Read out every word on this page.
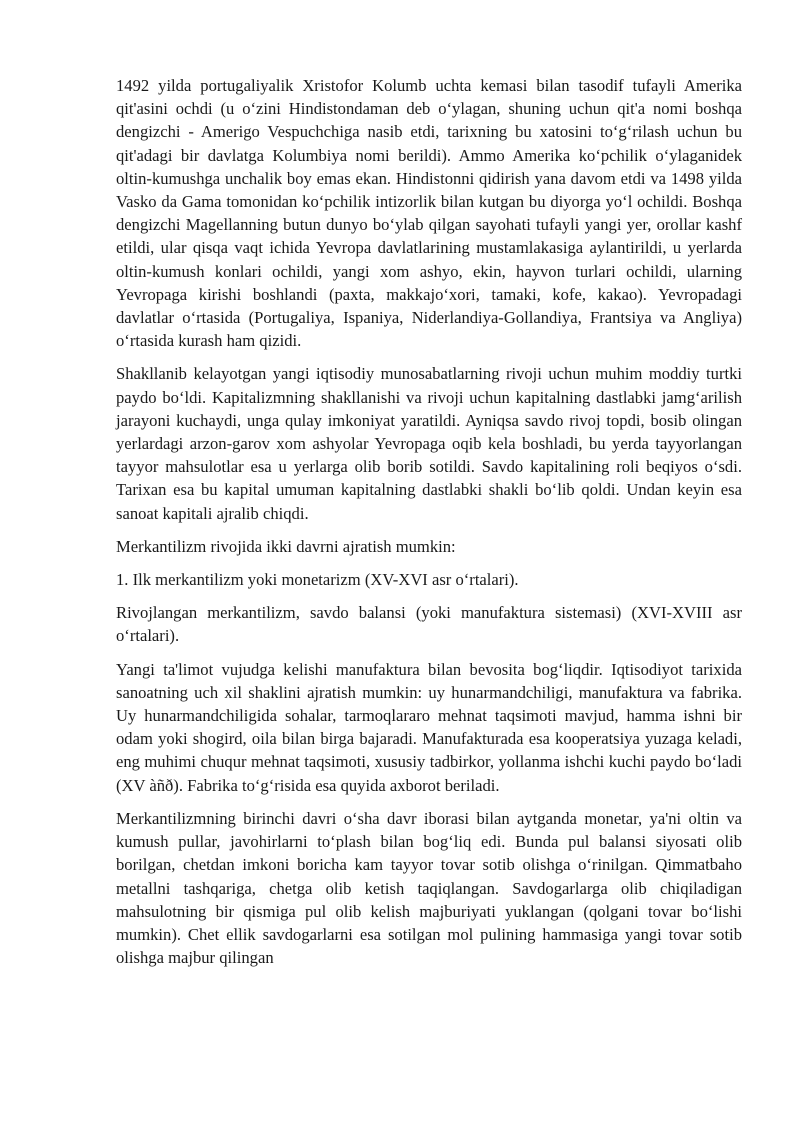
1492 yilda portugaliyalik Xristofor Kolumb uchta kemasi bilan tasodif tufayli Amerika qit'asini ochdi (u o‘zini Hindistondaman deb o‘ylagan, shuning uchun qit'a nomi boshqa dengizchi - Amerigo Vespuchchiga nasib etdi, tarixning bu xatosini to‘g‘rilash uchun bu qit'adagi bir davlatga Kolumbiya nomi berildi). Ammo Amerika ko‘pchilik o‘ylaganidek oltin-kumushga unchalik boy emas ekan. Hindistonni qidirish yana davom etdi va 1498 yilda Vasko da Gama tomonidan ko‘pchilik intizorlik bilan kutgan bu diyorga yo‘l ochildi. Boshqa dengizchi Magellanning butun dunyo bo‘ylab qilgan sayohati tufayli yangi yer, orollar kashf etildi, ular qisqa vaqt ichida Yevropa davlatlarining mustamlakasiga aylantirildi, u yerlarda oltin-kumush konlari ochildi, yangi xom ashyo, ekin, hayvon turlari ochildi, ularning Yevropaga kirishi boshlandi (paxta, makkajo‘xori, tamaki, kofe, kakao). Yevropadagi davlatlar o‘rtasida (Portugaliya, Ispaniya, Niderlandiya-Gollandiya, Frantsiya va Angliya) o‘rtasida kurash ham qizidi.

Shakllanib kelayotgan yangi iqtisodiy munosabatlarning rivoji uchun muhim moddiy turtki paydo bo‘ldi. Kapitalizmning shakllanishi va rivoji uchun kapitalning dastlabki jamg‘arilish jarayoni kuchaydi, unga qulay imkoniyat yaratildi. Ayniqsa savdo rivoj topdi, bosib olingan yerlardagi arzon-garov xom ashyolar Yevropaga oqib kela boshladi, bu yerda tayyorlangan tayyor mahsulotlar esa u yerlarga olib borib sotildi. Savdo kapitalining roli beqiyos o‘sdi. Tarixan esa bu kapital umuman kapitalning dastlabki shakli bo‘lib qoldi. Undan keyin esa sanoat kapitali ajralib chiqdi.

Merkantilizm rivojida ikki davrni ajratish mumkin:

1. Ilk merkantilizm yoki monetarizm (XV-XVI asr o‘rtalari).

Rivojlangan merkantilizm, savdo balansi (yoki manufaktura sistemasi) (XVI-XVIII asr o‘rtalari).

Yangi ta'limot vujudga kelishi manufaktura bilan bevosita bog‘liqdir. Iqtisodiyot tarixida sanoatning uch xil shaklini ajratish mumkin: uy hunarmandchiligi, manufaktura va fabrika. Uy hunarmandchiligida sohalar, tarmoqlararo mehnat taqsimoti mavjud, hamma ishni bir odam yoki shogird, oila bilan birga bajaradi. Manufakturada esa kooperatsiya yuzaga keladi, eng muhimi chuqur mehnat taqsimoti, xususiy tadbirkor, yollanma ishchi kuchi paydo bo‘ladi (XV àñð). Fabrika to‘g‘risida esa quyida axborot beriladi.

Merkantilizmning birinchi davri o‘sha davr iborasi bilan aytganda monetar, ya'ni oltin va kumush pullar, javohirlarni to‘plash bilan bog‘liq edi. Bunda pul balansi siyosati olib borilgan, chetdan imkoni boricha kam tayyor tovar sotib olishga o‘rinilgan. Qimmatbaho metallni tashqariga, chetga olib ketish taqiqlangan. Savdogarlarga olib chiqiladigan mahsulotning bir qismiga pul olib kelish majburiyati yuklangan (qolgani tovar bo‘lishi mumkin). Chet ellik savdogarlarni esa sotilgan mol pulining hammasiga yangi tovar sotib olishga majbur qilingan
